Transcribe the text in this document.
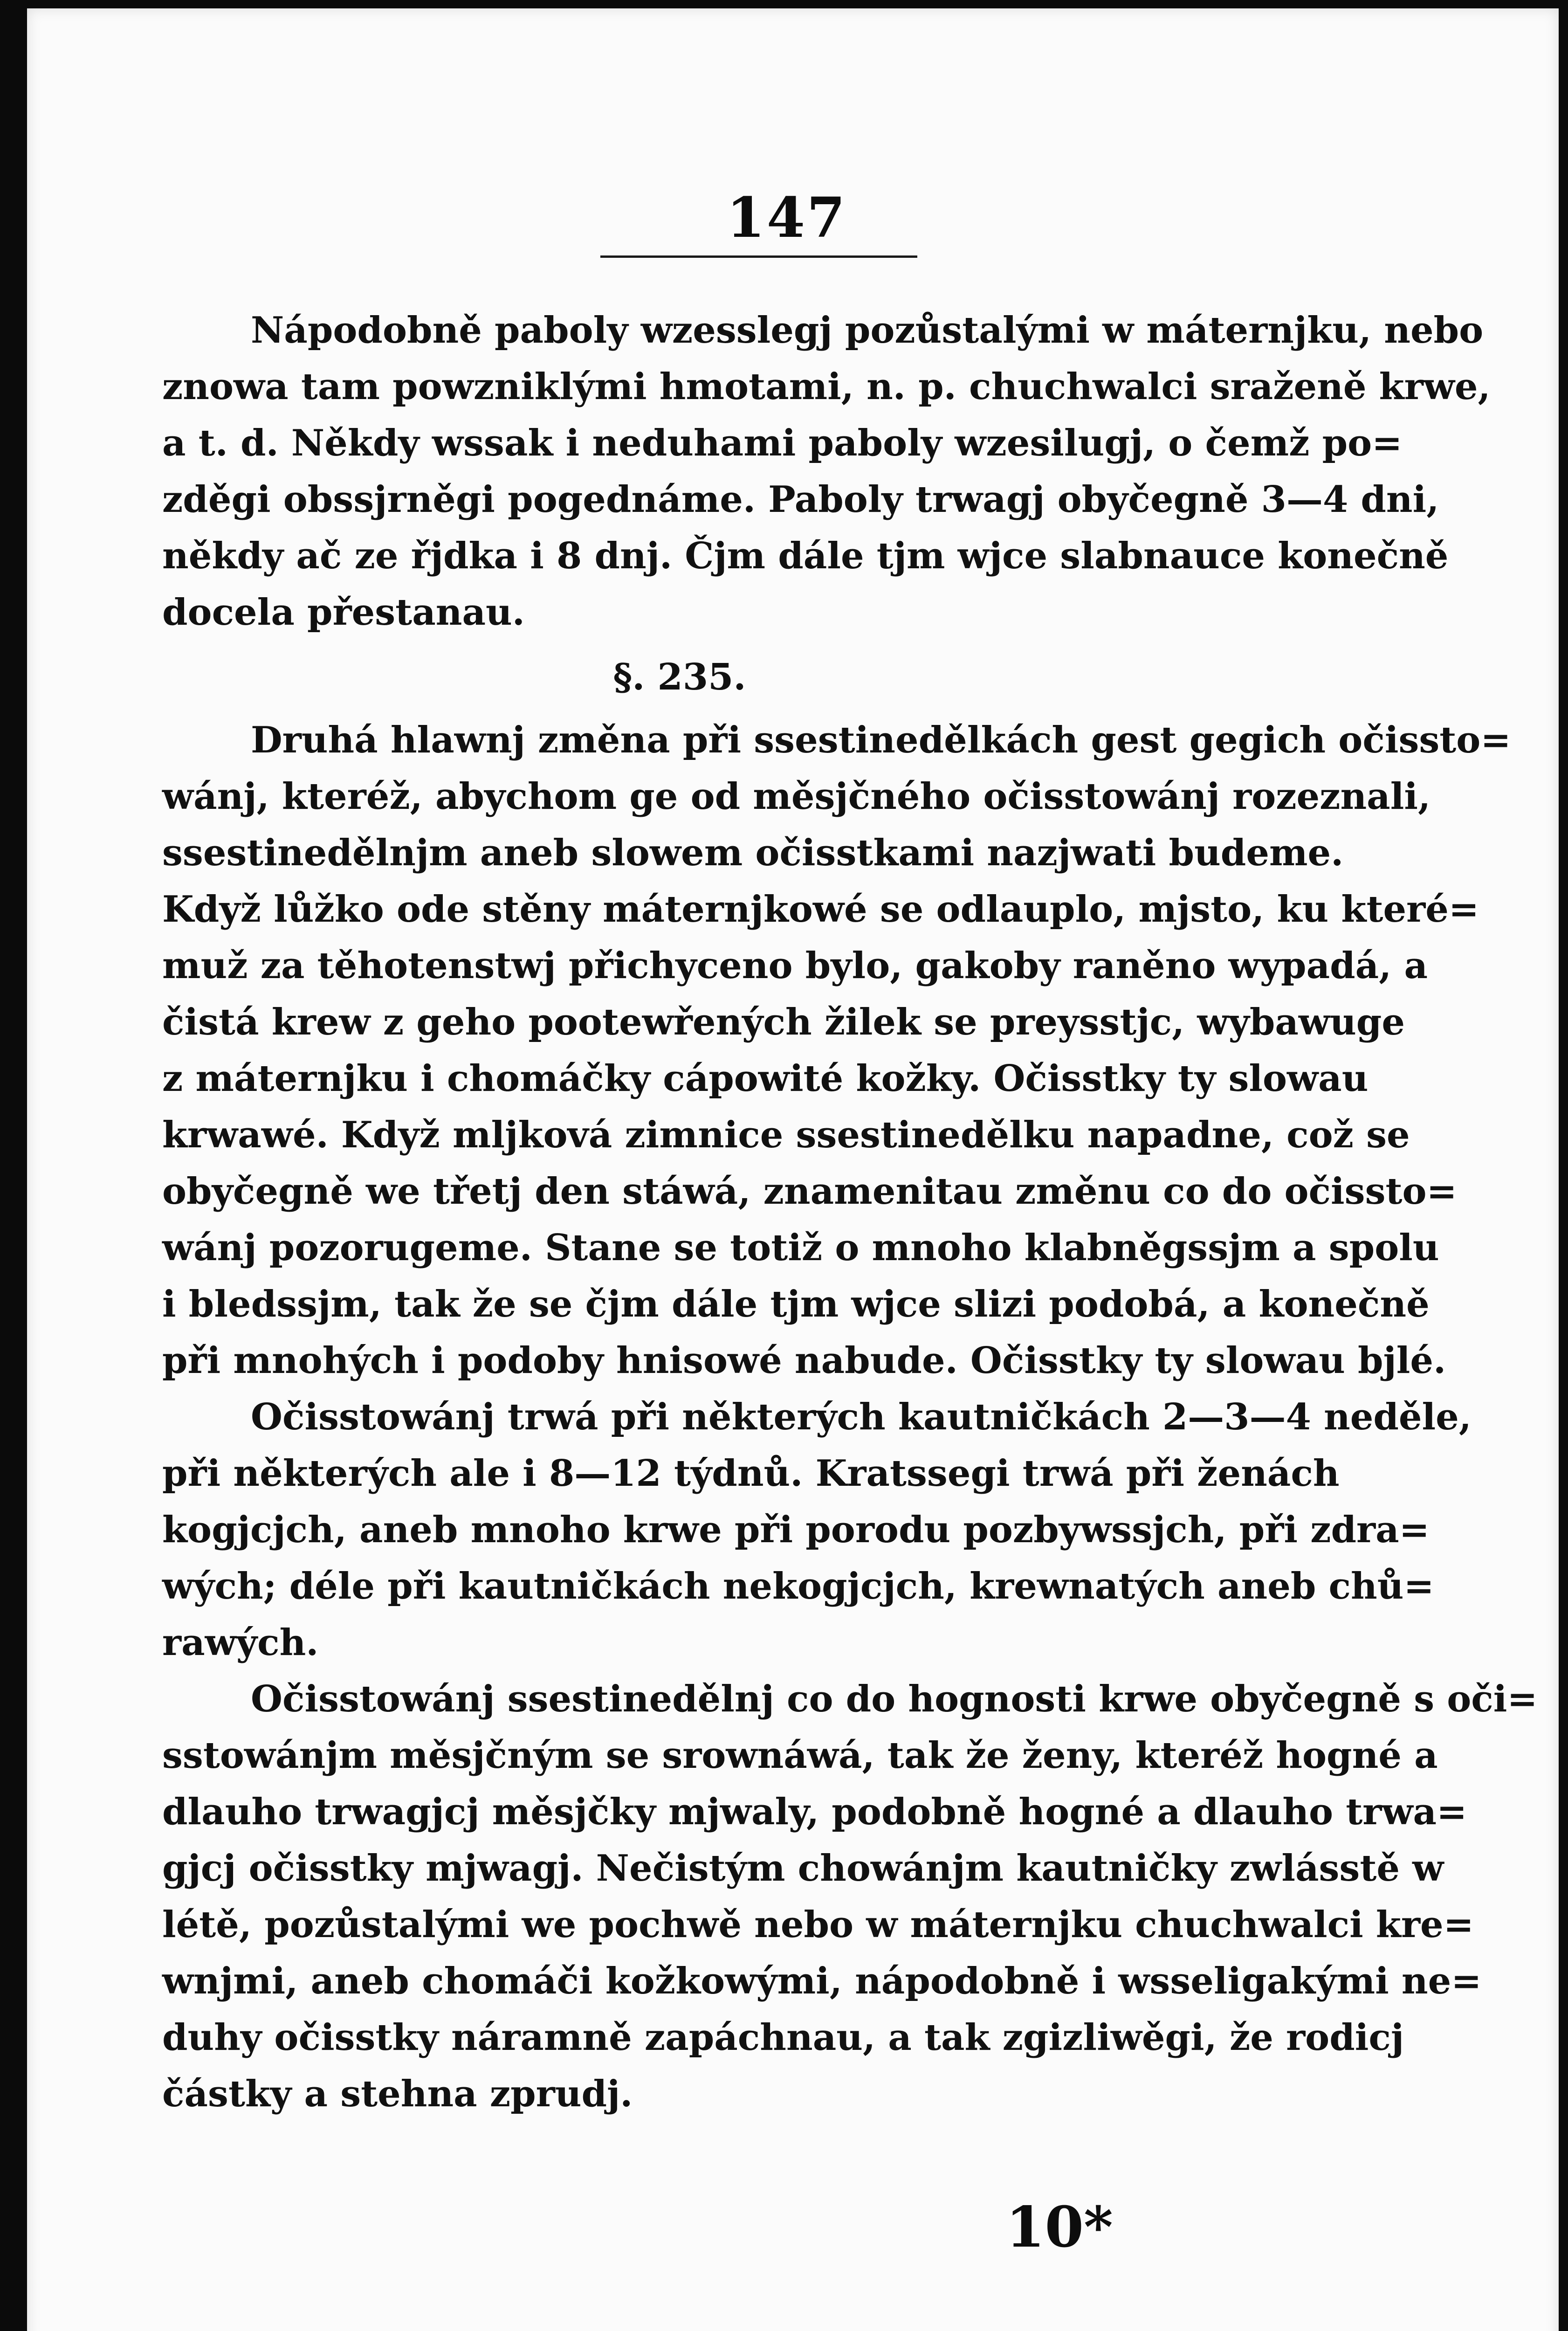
147
Nápodobně paboly wzesslegj pozůstalými w máternjku, nebo
znowa tam powzniklými hmotami, n. p. chuchwalci sraženě krwe,
a t. d. Někdy wssak i neduhami paboly wzesilugj, o čemž po=
zděgi obssjrněgi pogednáme. Paboly trwagj obyčegně 3—4 dni,
někdy ač ze řjdka i 8 dnj. Čjm dále tjm wjce slabnauce konečně
docela přestanau.
§. 235.
Druhá hlawnj změna při ssestinedělkách gest gegich očissto=
wánj, kteréž, abychom ge od měsjčného očisstowánj rozeznali,
ssestinedělnjm aneb slowem očisstkami nazjwati budeme.
Když lůžko ode stěny máternjkowé se odlauplo, mjsto, ku které=
muž za těhotenstwj přichyceno bylo, gakoby raněno wypadá, a
čistá krew z geho pootewřených žilek se preysstjc, wybawuge
z máternjku i chomáčky cápowité kožky. Očisstky ty slowau
krwawé. Když mljková zimnice ssestinedělku napadne, což se
obyčegně we třetj den stáwá, znamenitau změnu co do očissto=
wánj pozorugeme. Stane se totiž o mnoho klabněgssjm a spolu
i bledssjm, tak že se čjm dále tjm wjce slizi podobá, a konečně
při mnohých i podoby hnisowé nabude. Očisstky ty slowau bjlé.
Očisstowánj trwá při některých kautničkách 2—3—4 neděle,
při některých ale i 8—12 týdnů. Kratssegi trwá při ženách
kogjcjch, aneb mnoho krwe při porodu pozbywssjch, při zdra=
wých; déle při kautničkách nekogjcjch, krewnatých aneb chů=
rawých.
Očisstowánj ssestinedělnj co do hognosti krwe obyčegně s oči=
sstowánjm měsjčným se srownáwá, tak že ženy, kteréž hogné a
dlauho trwagjcj měsjčky mjwaly, podobně hogné a dlauho trwa=
gjcj očisstky mjwagj. Nečistým chowánjm kautničky zwlásstě w
létě, pozůstalými we pochwě nebo w máternjku chuchwalci kre=
wnjmi, aneb chomáči kožkowými, nápodobně i wsseligakými ne=
duhy očisstky náramně zapáchnau, a tak zgizliwěgi, že rodicj
částky a stehna zprudj.
10*
